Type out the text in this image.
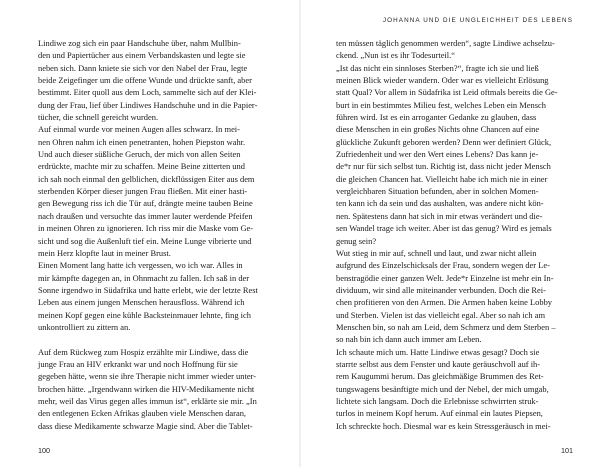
Lindiwe zog sich ein paar Handschuhe über, nahm Mullbin-
den und Papiertücher aus einem Verbandskasten und legte sie
neben sich. Dann kniete sie sich vor den Nabel der Frau, legte
beide Zeigefinger um die offene Wunde und drückte sanft, aber
bestimmt. Eiter quoll aus dem Loch, sammelte sich auf der Klei-
dung der Frau, lief über Lindiwes Handschuhe und in die Papier-
tücher, die schnell gereicht wurden.
Auf einmal wurde vor meinen Augen alles schwarz. In mei-
nen Ohren nahm ich einen penetranten, hohen Piepston wahr.
Und auch dieser süßliche Geruch, der mich von allen Seiten
erdrückte, machte mir zu schaffen. Meine Beine zitterten und
ich sah noch einmal den gelblichen, dickflüssigen Eiter aus dem
sterbenden Körper dieser jungen Frau fließen. Mit einer hasti-
gen Bewegung riss ich die Tür auf, drängte meine tauben Beine
nach draußen und versuchte das immer lauter werdende Pfeifen
in meinen Ohren zu ignorieren. Ich riss mir die Maske vom Ge-
sicht und sog die Außenluft tief ein. Meine Lunge vibrierte und
mein Herz klopfte laut in meiner Brust.
Einen Moment lang hatte ich vergessen, wo ich war. Alles in
mir kämpfte dagegen an, in Ohnmacht zu fallen. Ich saß in der
Sonne irgendwo in Südafrika und hatte erlebt, wie der letzte Rest
Leben aus einem jungen Menschen herausfloss. Während ich
meinen Kopf gegen eine kühle Backsteinmauer lehnte, fing ich
unkontrolliert zu zittern an.
Auf dem Rückweg zum Hospiz erzählte mir Lindiwe, dass die
junge Frau an HIV erkrankt war und noch Hoffnung für sie
gegeben hätte, wenn sie ihre Therapie nicht immer wieder unter-
brochen hätte. „Irgendwann wirken die HIV-Medikamente nicht
mehr, weil das Virus gegen alles immun ist“, erklärte sie mir. „In
den entlegenen Ecken Afrikas glauben viele Menschen daran,
dass diese Medikamente schwarze Magie sind. Aber die Tablet-
100
JOHANNA UND DIE UNGLEICHHEIT DES LEBENS
ten müssen täglich genommen werden“, sagte Lindiwe achselzu-
ckend. „Nun ist es ihr Todesurteil.“
„Ist das nicht ein sinnloses Sterben?“, fragte ich sie und ließ
meinen Blick wieder wandern. Oder war es vielleicht Erlösung
statt Qual? Vor allem in Südafrika ist Leid oftmals bereits die Ge-
burt in ein bestimmtes Milieu fest, welches Leben ein Mensch
führen wird. Ist es ein arroganter Gedanke zu glauben, dass
diese Menschen in ein großes Nichts ohne Chancen auf eine
glückliche Zukunft geboren werden? Denn wer definiert Glück,
Zufriedenheit und wer den Wert eines Lebens? Das kann je-
de*r nur für sich selbst tun. Richtig ist, dass nicht jeder Mensch
die gleichen Chancen hat. Vielleicht habe ich mich nie in einer
vergleichbaren Situation befunden, aber in solchen Momen-
ten kann ich da sein und das aushalten, was andere nicht kön-
nen. Spätestens dann hat sich in mir etwas verändert und die-
sen Wandel trage ich weiter. Aber ist das genug? Wird es jemals
genug sein?
Wut stieg in mir auf, schnell und laut, und zwar nicht allein
aufgrund des Einzelschicksals der Frau, sondern wegen der Le-
benstragödie einer ganzen Welt. Jede*r Einzelne ist mehr ein In-
dividuum, wir sind alle miteinander verbunden. Doch die Rei-
chen profitieren von den Armen. Die Armen haben keine Lobby
und Sterben. Vielen ist das vielleicht egal. Aber so nah ich am
Menschen bin, so nah am Leid, dem Schmerz und dem Sterben –
so nah bin ich dann auch immer am Leben.
Ich schaute mich um. Hatte Lindiwe etwas gesagt? Doch sie
starrte selbst aus dem Fenster und kaute geräuschvoll auf ih-
rem Kaugummi herum. Das gleichmäßige Brummen des Ret-
tungswagens besänftigte mich und der Nebel, der mich umgab,
lichtete sich langsam. Doch die Erlebnisse schwirrten struk-
turlos in meinem Kopf herum. Auf einmal ein lautes Piepsen,
Ich schreckte hoch. Diesmal war es kein Stressgeräusch in mei-
101
